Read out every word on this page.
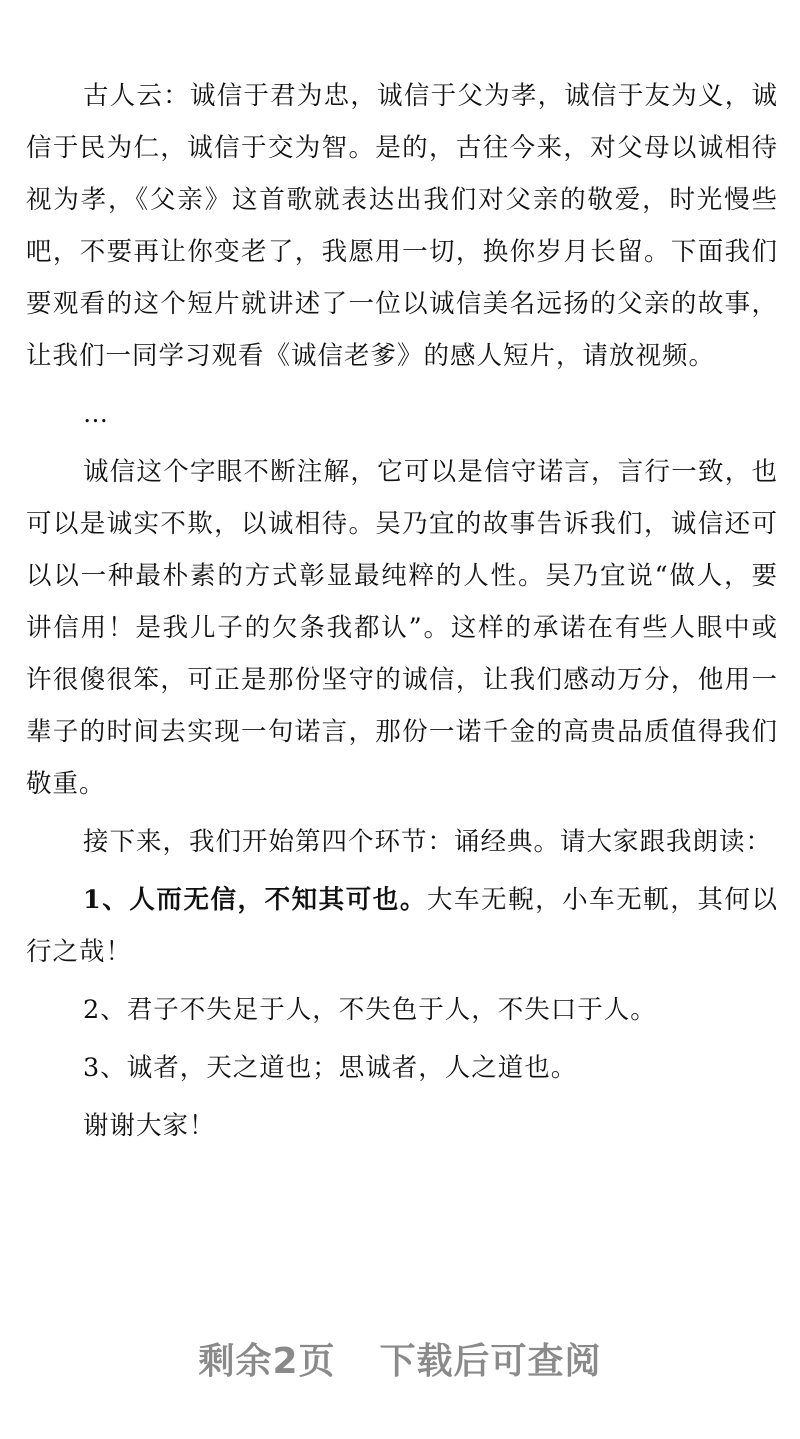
古人云：诚信于君为忠，诚信于父为孝，诚信于友为义，诚信于民为仁，诚信于交为智。是的，古往今来，对父母以诚相待视为孝，《父亲》这首歌就表达出我们对父亲的敬爱，时光慢些吧，不要再让你变老了，我愿用一切，换你岁月长留。下面我们要观看的这个短片就讲述了一位以诚信美名远扬的父亲的故事，让我们一同学习观看《诚信老爹》的感人短片，请放视频。

…

诚信这个字眼不断注解，它可以是信守诺言，言行一致，也可以是诚实不欺，以诚相待。吴乃宜的故事告诉我们，诚信还可以以一种最朴素的方式彰显最纯粹的人性。吴乃宜说“做人，要讲信用！是我儿子的欠条我都认”。这样的承诺在有些人眼中或许很傻很笨，可正是那份坚守的诚信，让我们感动万分，他用一辈子的时间去实现一句诺言，那份一诺千金的高贵品质值得我们敬重。

接下来，我们开始第四个环节：诵经典。请大家跟我朗读：

1、人而无信，不知其可也。大车无輗，小车无軏，其何以行之哉！

2、君子不失足于人，不失色于人，不失口于人。

3、诚者，天之道也；思诚者，人之道也。

谢谢大家！

剩余2页 下载后可查阅
